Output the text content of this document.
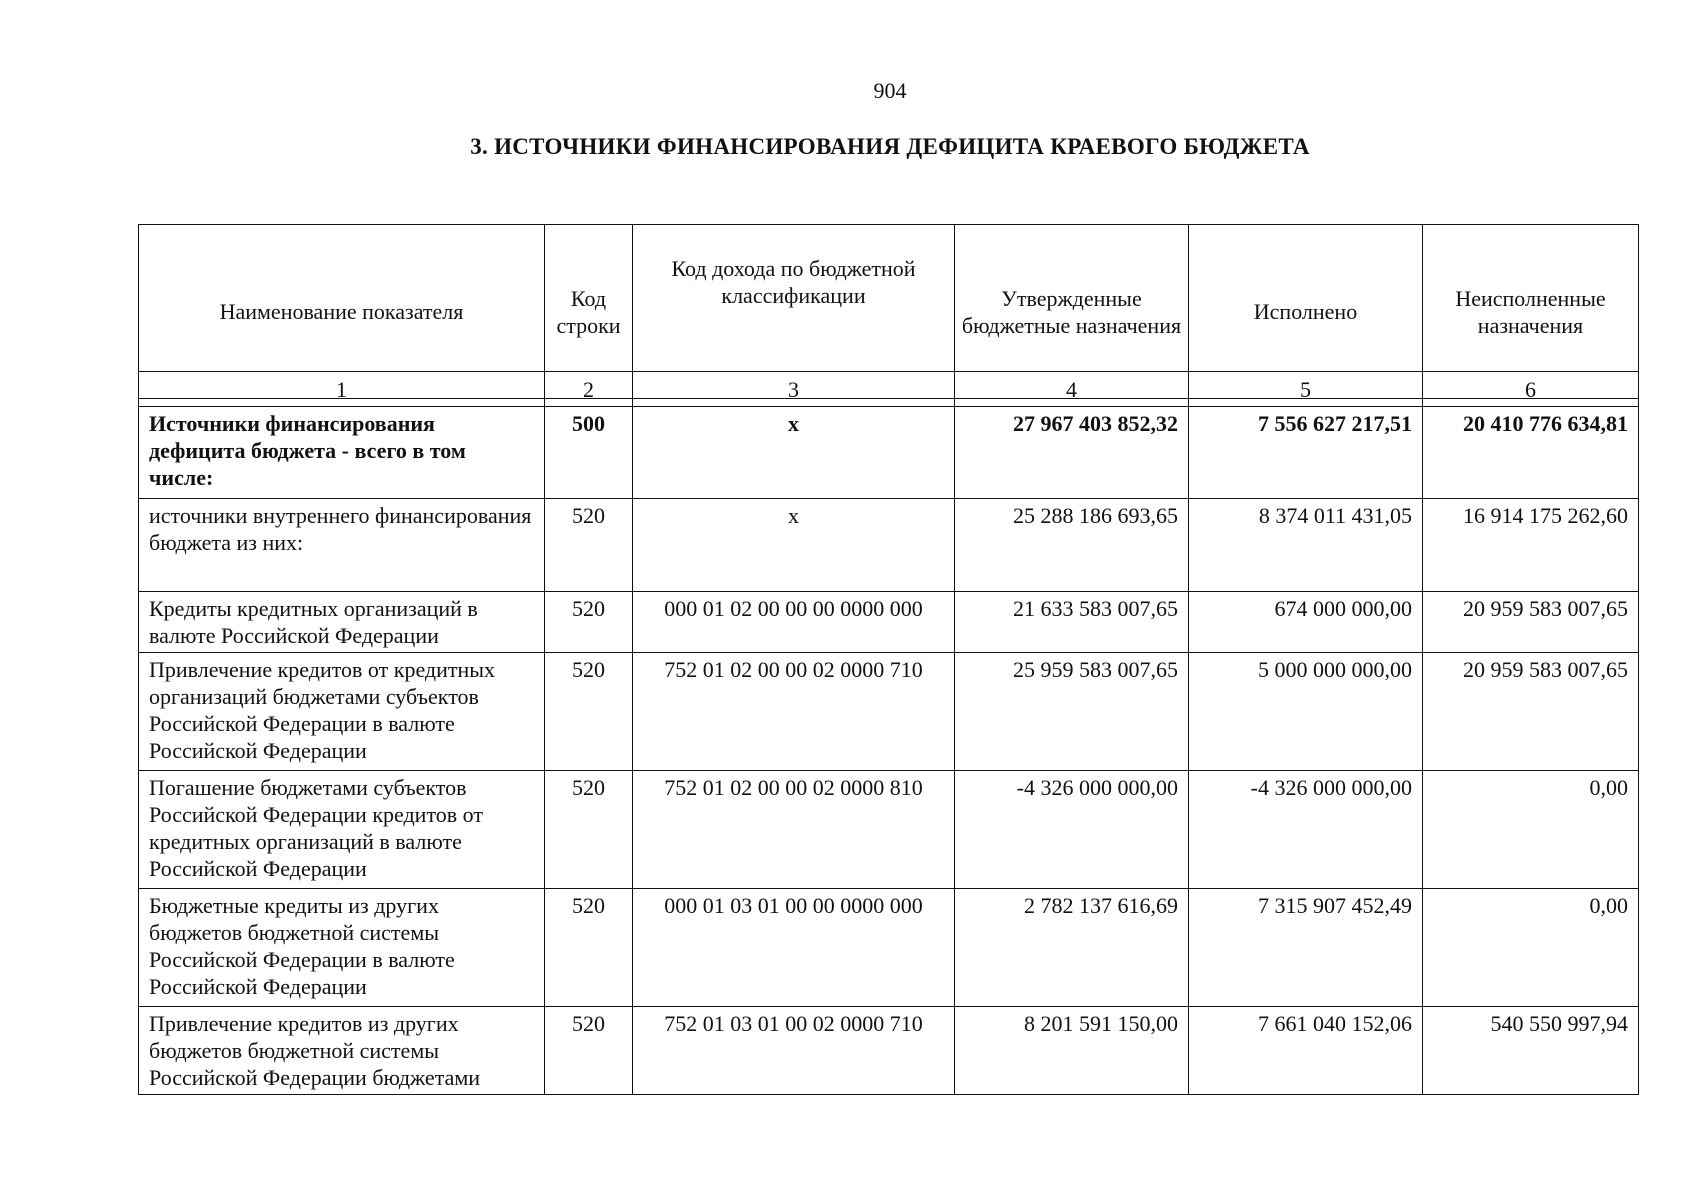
904
3. ИСТОЧНИКИ ФИНАНСИРОВАНИЯ ДЕФИЦИТА КРАЕВОГО БЮДЖЕТА
Наименование показателя	Код строки	Код дохода по бюджетной классификации	Утвержденные бюджетные назначения	Исполнено	Неисполненные назначения
1	2	3	4	5	6
Источники финансирования дефицита бюджета - всего в том числе:	500	x	27 967 403 852,32	7 556 627 217,51	20 410 776 634,81
источники внутреннего финансирования бюджета из них:	520	x	25 288 186 693,65	8 374 011 431,05	16 914 175 262,60
Кредиты кредитных организаций в валюте Российской Федерации	520	000 01 02 00 00 00 0000 000	21 633 583 007,65	674 000 000,00	20 959 583 007,65
Привлечение кредитов от кредитных организаций бюджетами субъектов Российской Федерации в валюте Российской Федерации	520	752 01 02 00 00 02 0000 710	25 959 583 007,65	5 000 000 000,00	20 959 583 007,65
Погашение бюджетами субъектов Российской Федерации кредитов от кредитных организаций в валюте Российской Федерации	520	752 01 02 00 00 02 0000 810	-4 326 000 000,00	-4 326 000 000,00	0,00
Бюджетные кредиты из других бюджетов бюджетной системы Российской Федерации в валюте Российской Федерации	520	000 01 03 01 00 00 0000 000	2 782 137 616,69	7 315 907 452,49	0,00
Привлечение кредитов из других бюджетов бюджетной системы Российской Федерации бюджетами	520	752 01 03 01 00 02 0000 710	8 201 591 150,00	7 661 040 152,06	540 550 997,94
